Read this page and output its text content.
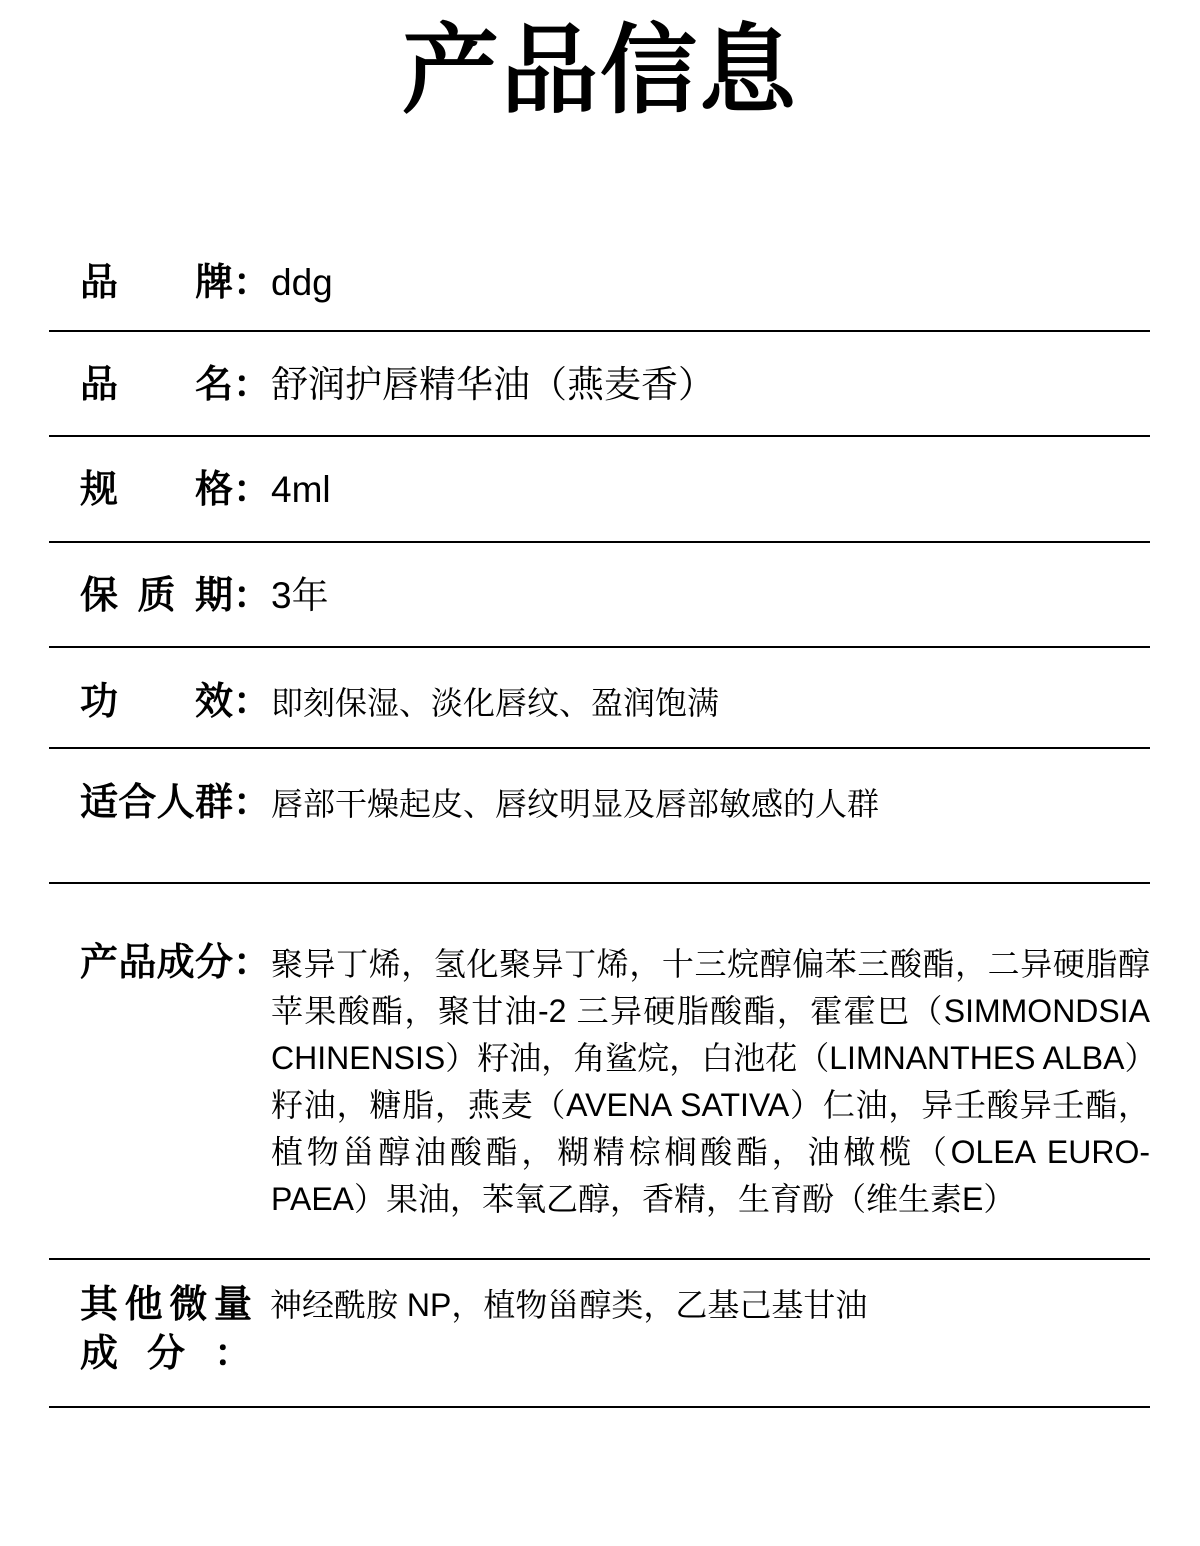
产品信息
品牌 ： ddg
品名 ： 舒润护唇精华油（燕麦香）
规格 ： 4ml
保质期 ： 3年
功效 ： 即刻保湿、淡化唇纹、盈润饱满
适合人群 ： 唇部干燥起皮、唇纹明显及唇部敏感的人群
产品成分 ： 聚异丁烯，氢化聚异丁烯，十三烷醇偏苯三酸酯，二异硬脂醇
苹果酸酯，聚甘油-2 三异硬脂酸酯，霍霍巴（SIMMONDSIA
CHINENSIS）籽油，角鲨烷，白池花（LIMNANTHES ALBA）
籽油，糖脂，燕麦（AVENA SATIVA）仁油，异壬酸异壬酯，
植物甾醇油酸酯，糊精棕榈酸酯，油橄榄（OLEA EURO-
PAEA）果油，苯氧乙醇，香精，生育酚（维生素E）
其他微量
成分：
神经酰胺 NP，植物甾醇类，乙基己基甘油
